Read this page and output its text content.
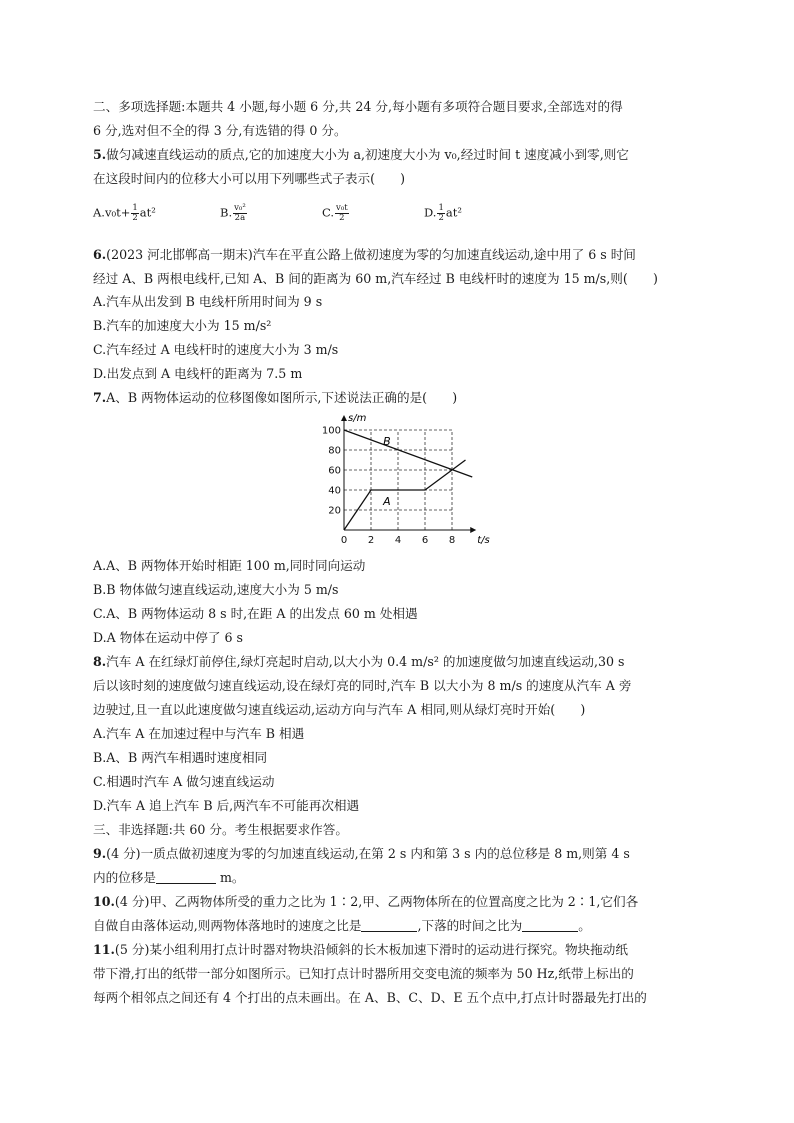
二、多项选择题:本题共 4 小题,每小题 6 分,共 24 分,每小题有多项符合题目要求,全部选对的得
6 分,选对但不全的得 3 分,有选错的得 0 分。
5.做匀减速直线运动的质点,它的加速度大小为 a,初速度大小为 v₀,经过时间 t 速度减小到零,则它
在这段时间内的位移大小可以用下列哪些式子表示(　　)
$A.v_0t+ \frac{1}{2} at^2$	B. $\frac{\text{v₀²}}{2a}$	C. $\frac{\text{v₀t}}{2}$	D. $\frac{1}{2} at^2$
6.(2023 河北邯郸高一期末)汽车在平直公路上做初速度为零的匀加速直线运动,途中用了 6 s 时间
经过 A、B 两根电线杆,已知 A、B 间的距离为 60 m,汽车经过 B 电线杆时的速度为 15 m/s,则(　　)
A.汽车从出发到 B 电线杆所用时间为 9 s
B.汽车的加速度大小为 15 m/s²
C.汽车经过 A 电线杆时的速度大小为 3 m/s
D.出发点到 A 电线杆的距离为 7.5 m
7.A、B 两物体运动的位移图像如图所示,下述说法正确的是(　　)
20
40
60
80
100
0 2 4 6 8
s/m
t/s
A
B
A.A、B 两物体开始时相距 100 m,同时同向运动
B.B 物体做匀速直线运动,速度大小为 5 m/s
C.A、B 两物体运动 8 s 时,在距 A 的出发点 60 m 处相遇
D.A 物体在运动中停了 6 s
8.汽车 A 在红绿灯前停住,绿灯亮起时启动,以大小为 0.4 m/s² 的加速度做匀加速直线运动,30 s
后以该时刻的速度做匀速直线运动,设在绿灯亮的同时,汽车 B 以大小为 8 m/s 的速度从汽车 A 旁
边驶过,且一直以此速度做匀速直线运动,运动方向与汽车 A 相同,则从绿灯亮时开始(　　)
A.汽车 A 在加速过程中与汽车 B 相遇
B.A、B 两汽车相遇时速度相同
C.相遇时汽车 A 做匀速直线运动
D.汽车 A 追上汽车 B 后,两汽车不可能再次相遇
三、非选择题:共 60 分。考生根据要求作答。
9.(4 分)一质点做初速度为零的匀加速直线运动,在第 2 s 内和第 3 s 内的总位移是 8 m,则第 4 s
内的位移是	m。
10.(4 分)甲、乙两物体所受的重力之比为 1∶2,甲、乙两物体所在的位置高度之比为 2∶1,它们各
自做自由落体运动,则两物体落地时的速度之比是	,下落的时间之比为	。
11.(5 分)某小组利用打点计时器对物块沿倾斜的长木板加速下滑时的运动进行探究。物块拖动纸
带下滑,打出的纸带一部分如图所示。已知打点计时器所用交变电流的频率为 50 Hz,纸带上标出的
每两个相邻点之间还有 4 个打出的点未画出。在 A、B、C、D、E 五个点中,打点计时器最先打出的
